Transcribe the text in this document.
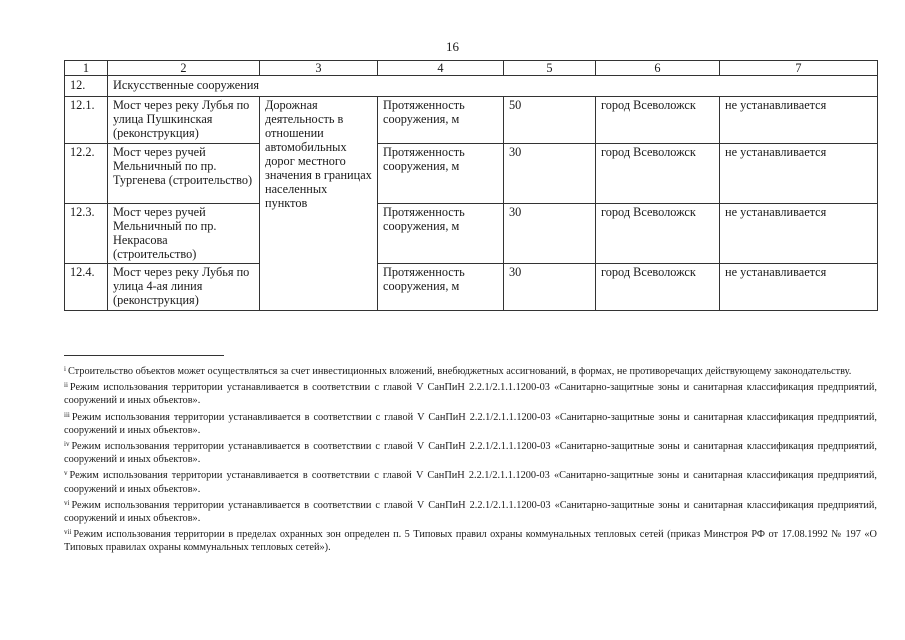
16
1	2	3	4	5	6	7
12.	Искусственные сооружения					
12.1.	Мост через реку Лубья по улица Пушкинская (реконструкция)	Дорожная деятельность в отношении автомобильных дорог местного значения в границах населенных пунктов	Протяженность сооружения, м	50	город Всеволожск	не устанавливается
12.2.	Мост через ручей Мельничный по пр. Тургенева (строительство)		Протяженность сооружения, м	30	город Всеволожск	не устанавливается
12.3.	Мост через ручей Мельничный по пр. Некрасова (строительство)		Протяженность сооружения, м	30	город Всеволожск	не устанавливается
12.4.	Мост через реку Лубья по улица 4-ая линия (реконструкция)		Протяженность сооружения, м	30	город Всеволожск	не устанавливается

$^i$ Строительство объектов может осуществляться за счет инвестиционных вложений, внебюджетных ассигнований, в формах, не противоречащих действующему законодательству.

$^{ii}$ Режим использования территории устанавливается в соответствии с главой V СанПиН 2.2.1/2.1.1.1200-03 «Санитарно-защитные зоны и санитарная классификация предприятий, сооружений и иных объектов».

$^{iii}$ Режим использования территории устанавливается в соответствии с главой V СанПиН 2.2.1/2.1.1.1200-03 «Санитарно-защитные зоны и санитарная классификация предприятий, сооружений и иных объектов».

$^{iv}$ Режим использования территории устанавливается в соответствии с главой V СанПиН 2.2.1/2.1.1.1200-03 «Санитарно-защитные зоны и санитарная классификация предприятий, сооружений и иных объектов».

$^v$ Режим использования территории устанавливается в соответствии с главой V СанПиН 2.2.1/2.1.1.1200-03 «Санитарно-защитные зоны и санитарная классификация предприятий, сооружений и иных объектов».

$^{vi}$ Режим использования территории устанавливается в соответствии с главой V СанПиН 2.2.1/2.1.1.1200-03 «Санитарно-защитные зоны и санитарная классификация предприятий, сооружений и иных объектов».

$^{vii}$ Режим использования территории в пределах охранных зон определен п. 5 Типовых правил охраны коммунальных тепловых сетей (приказ Минстроя РФ от 17.08.1992 № 197 «О Типовых правилах охраны коммунальных тепловых сетей»).
